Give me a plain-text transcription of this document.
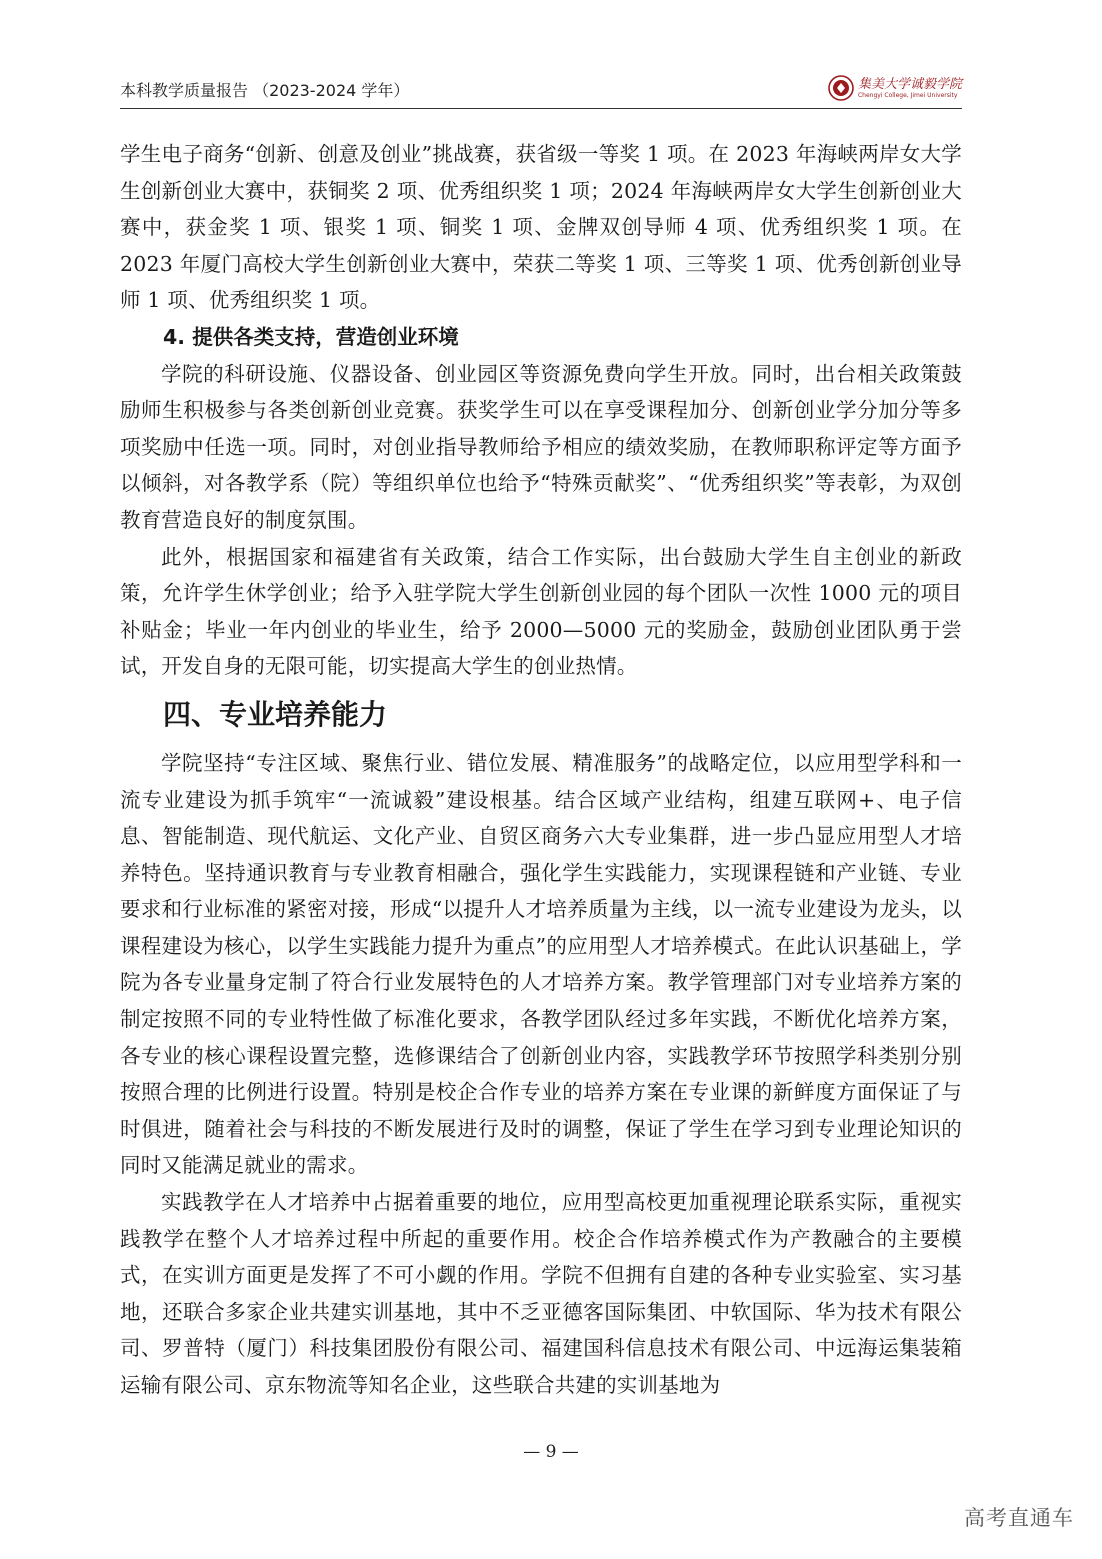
本科教学质量报告 （2023-2024 学年）	集美大学诚毅学院
Chengyi College, Jimei University

学生电子商务“创新、创意及创业”挑战赛，获省级一等奖 1 项。在 2023 年海峡两岸女大学生创新创业大赛中，获铜奖 2 项、优秀组织奖 1 项；2024 年海峡两岸女大学生创新创业大赛中，获金奖 1 项、银奖 1 项、铜奖 1 项、金牌双创导师 4 项、优秀组织奖 1 项。在 2023 年厦门高校大学生创新创业大赛中，荣获二等奖 1 项、三等奖 1 项、优秀创新创业导师 1 项、优秀组织奖 1 项。

4. 提供各类支持，营造创业环境

学院的科研设施、仪器设备、创业园区等资源免费向学生开放。同时，出台相关政策鼓励师生积极参与各类创新创业竞赛。获奖学生可以在享受课程加分、创新创业学分加分等多项奖励中任选一项。同时，对创业指导教师给予相应的绩效奖励，在教师职称评定等方面予以倾斜，对各教学系（院）等组织单位也给予“特殊贡献奖”、“优秀组织奖”等表彰，为双创教育营造良好的制度氛围。

此外，根据国家和福建省有关政策，结合工作实际，出台鼓励大学生自主创业的新政策，允许学生休学创业；给予入驻学院大学生创新创业园的每个团队一次性 1000 元的项目补贴金；毕业一年内创业的毕业生，给予 2000—5000 元的奖励金，鼓励创业团队勇于尝试，开发自身的无限可能，切实提高大学生的创业热情。

四、专业培养能力

学院坚持“专注区域、聚焦行业、错位发展、精准服务”的战略定位，以应用型学科和一流专业建设为抓手筑牢“一流诚毅”建设根基。结合区域产业结构，组建互联网+、电子信息、智能制造、现代航运、文化产业、自贸区商务六大专业集群，进一步凸显应用型人才培养特色。坚持通识教育与专业教育相融合，强化学生实践能力，实现课程链和产业链、专业要求和行业标准的紧密对接，形成“以提升人才培养质量为主线，以一流专业建设为龙头，以课程建设为核心，以学生实践能力提升为重点”的应用型人才培养模式。在此认识基础上，学院为各专业量身定制了符合行业发展特色的人才培养方案。教学管理部门对专业培养方案的制定按照不同的专业特性做了标准化要求，各教学团队经过多年实践，不断优化培养方案，各专业的核心课程设置完整，选修课结合了创新创业内容，实践教学环节按照学科类别分别按照合理的比例进行设置。特别是校企合作专业的培养方案在专业课的新鲜度方面保证了与时俱进，随着社会与科技的不断发展进行及时的调整，保证了学生在学习到专业理论知识的同时又能满足就业的需求。

实践教学在人才培养中占据着重要的地位，应用型高校更加重视理论联系实际，重视实践教学在整个人才培养过程中所起的重要作用。校企合作培养模式作为产教融合的主要模式，在实训方面更是发挥了不可小觑的作用。学院不但拥有自建的各种专业实验室、实习基地，还联合多家企业共建实训基地，其中不乏亚德客国际集团、中软国际、华为技术有限公司、罗普特（厦门）科技集团股份有限公司、福建国科信息技术有限公司、中远海运集装箱运输有限公司、京东物流等知名企业，这些联合共建的实训基地为

— 9 —
高考直通车
